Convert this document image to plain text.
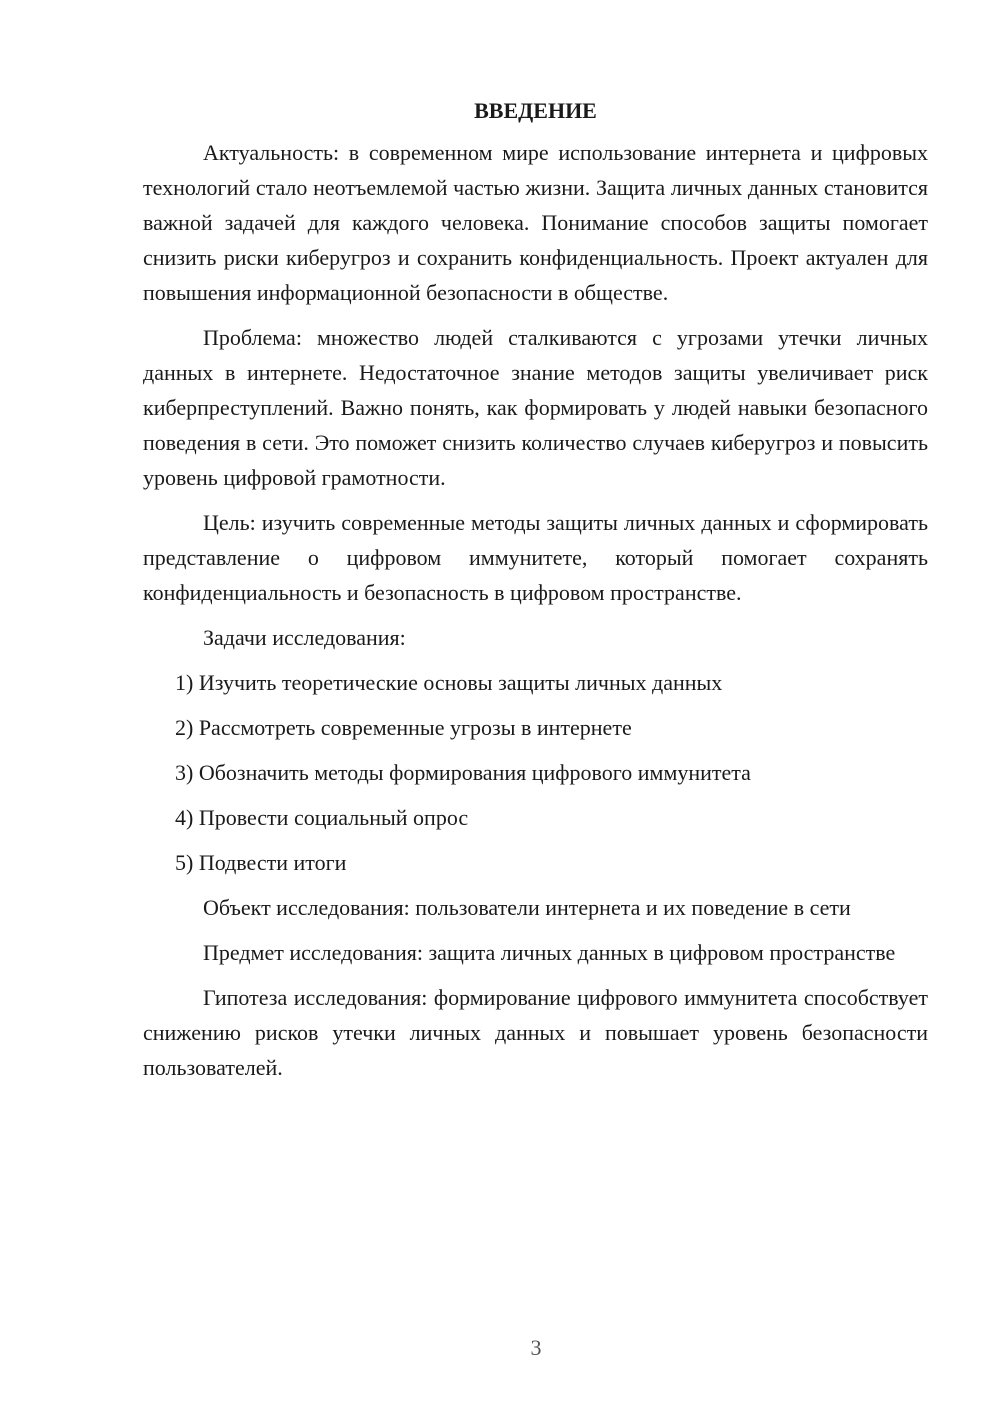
ВВЕДЕНИЕ

Актуальность: в современном мире использование интернета и цифровых технологий стало неотъемлемой частью жизни. Защита личных данных становится важной задачей для каждого человека. Понимание способов защиты помогает снизить риски киберугроз и сохранить конфиденциальность. Проект актуален для повышения информационной безопасности в обществе.

Проблема: множество людей сталкиваются с угрозами утечки личных данных в интернете. Недостаточное знание методов защиты увеличивает риск киберпреступлений. Важно понять, как формировать у людей навыки безопасного поведения в сети. Это поможет снизить количество случаев киберугроз и повысить уровень цифровой грамотности.

Цель: изучить современные методы защиты личных данных и сформировать представление о цифровом иммунитете, который помогает сохранять конфиденциальность и безопасность в цифровом пространстве.

Задачи исследования:

1) Изучить теоретические основы защиты личных данных
2) Рассмотреть современные угрозы в интернете
3) Обозначить методы формирования цифрового иммунитета
4) Провести социальный опрос
5) Подвести итоги

Объект исследования: пользователи интернета и их поведение в сети

Предмет исследования: защита личных данных в цифровом пространстве

Гипотеза исследования: формирование цифрового иммунитета способствует снижению рисков утечки личных данных и повышает уровень безопасности пользователей.

3
